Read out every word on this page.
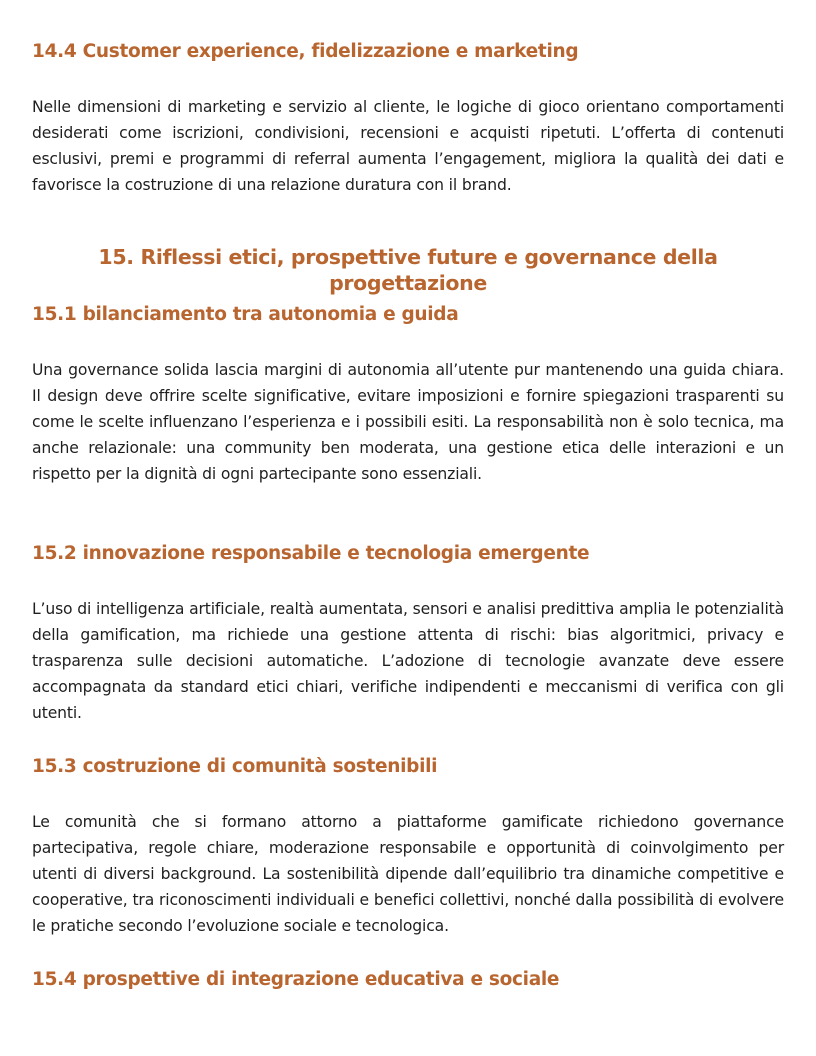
14.4 Customer experience, fidelizzazione e marketing

Nelle dimensioni di marketing e servizio al cliente, le logiche di gioco orientano comportamenti desiderati come iscrizioni, condivisioni, recensioni e acquisti ripetuti. L’offerta di contenuti esclusivi, premi e programmi di referral aumenta l’engagement, migliora la qualità dei dati e favorisce la costruzione di una relazione duratura con il brand.

15. Riflessi etici, prospettive future e governance della progettazione
15.1 bilanciamento tra autonomia e guida

Una governance solida lascia margini di autonomia all’utente pur mantenendo una guida chiara. Il design deve offrire scelte significative, evitare imposizioni e fornire spiegazioni trasparenti su come le scelte influenzano l’esperienza e i possibili esiti. La responsabilità non è solo tecnica, ma anche relazionale: una community ben moderata, una gestione etica delle interazioni e un rispetto per la dignità di ogni partecipante sono essenziali.

15.2 innovazione responsabile e tecnologia emergente

L’uso di intelligenza artificiale, realtà aumentata, sensori e analisi predittiva amplia le potenzialità della gamification, ma richiede una gestione attenta di rischi: bias algoritmici, privacy e trasparenza sulle decisioni automatiche. L’adozione di tecnologie avanzate deve essere accompagnata da standard etici chiari, verifiche indipendenti e meccanismi di verifica con gli utenti.

15.3 costruzione di comunità sostenibili

Le comunità che si formano attorno a piattaforme gamificate richiedono governance partecipativa, regole chiare, moderazione responsabile e opportunità di coinvolgimento per utenti di diversi background. La sostenibilità dipende dall’equilibrio tra dinamiche competitive e cooperative, tra riconoscimenti individuali e benefici collettivi, nonché dalla possibilità di evolvere le pratiche secondo l’evoluzione sociale e tecnologica.

15.4 prospettive di integrazione educativa e sociale
